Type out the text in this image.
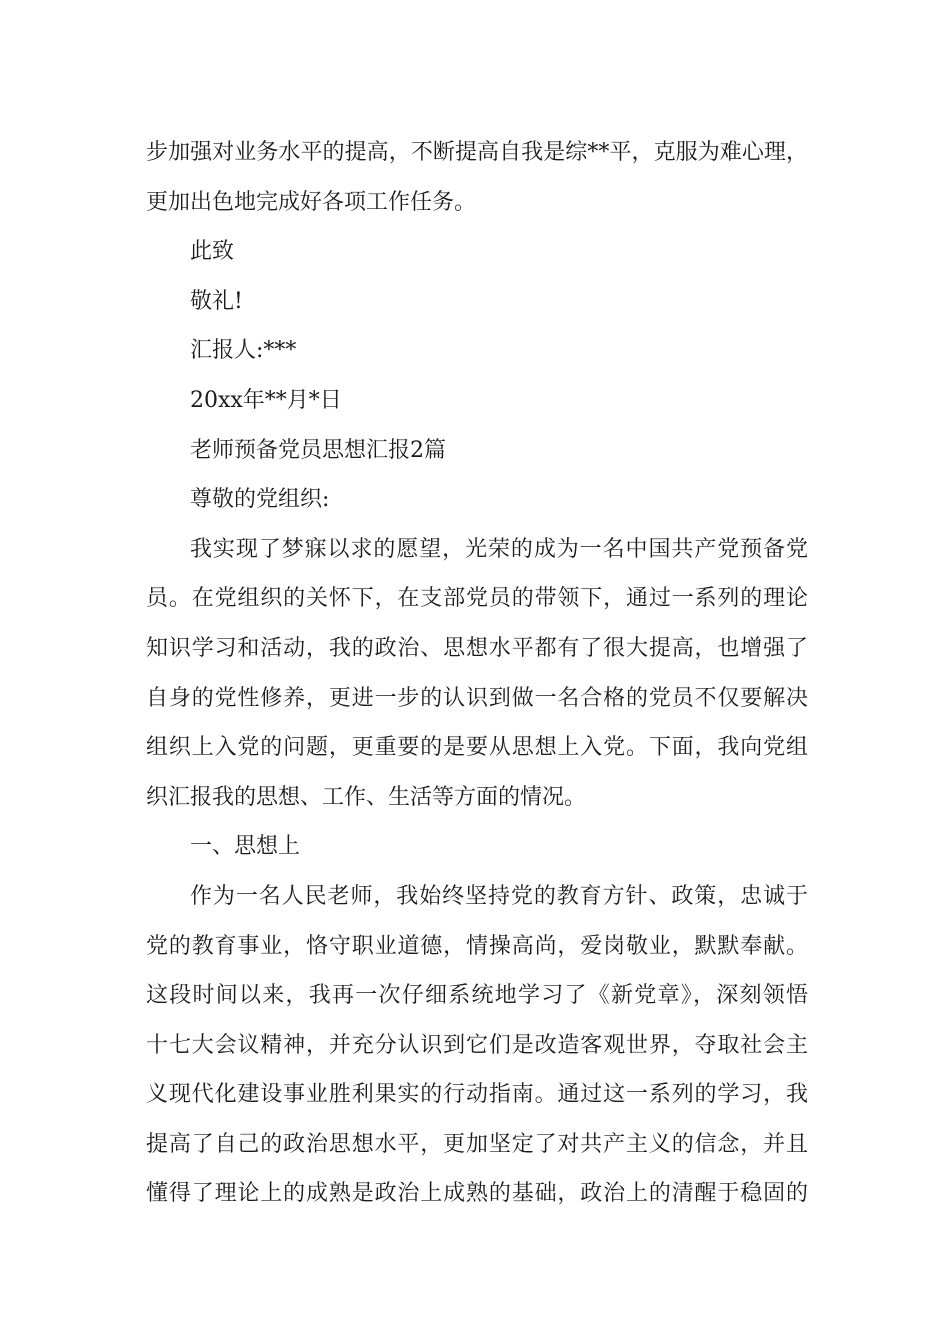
步加强对业务水平的提高，不断提高自我是综**平，克服为难心理，
更加出色地完成好各项工作任务。
此致
敬礼!
汇报人:***
20xx年**月*日
老师预备党员思想汇报2篇
尊敬的党组织:
我实现了梦寐以求的愿望，光荣的成为一名中国共产党预备党
员。在党组织的关怀下，在支部党员的带领下，通过一系列的理论
知识学习和活动，我的政治、思想水平都有了很大提高，也增强了
自身的党性修养，更进一步的认识到做一名合格的党员不仅要解决
组织上入党的问题，更重要的是要从思想上入党。下面，我向党组
织汇报我的思想、工作、生活等方面的情况。
一、思想上
作为一名人民老师，我始终坚持党的教育方针、政策，忠诚于
党的教育事业，恪守职业道德，情操高尚，爱岗敬业，默默奉献。
这段时间以来，我再一次仔细系统地学习了《新党章》，深刻领悟
十七大会议精神，并充分认识到它们是改造客观世界，夺取社会主
义现代化建设事业胜利果实的行动指南。通过这一系列的学习，我
提高了自己的政治思想水平，更加坚定了对共产主义的信念，并且
懂得了理论上的成熟是政治上成熟的基础，政治上的清醒于稳固的
